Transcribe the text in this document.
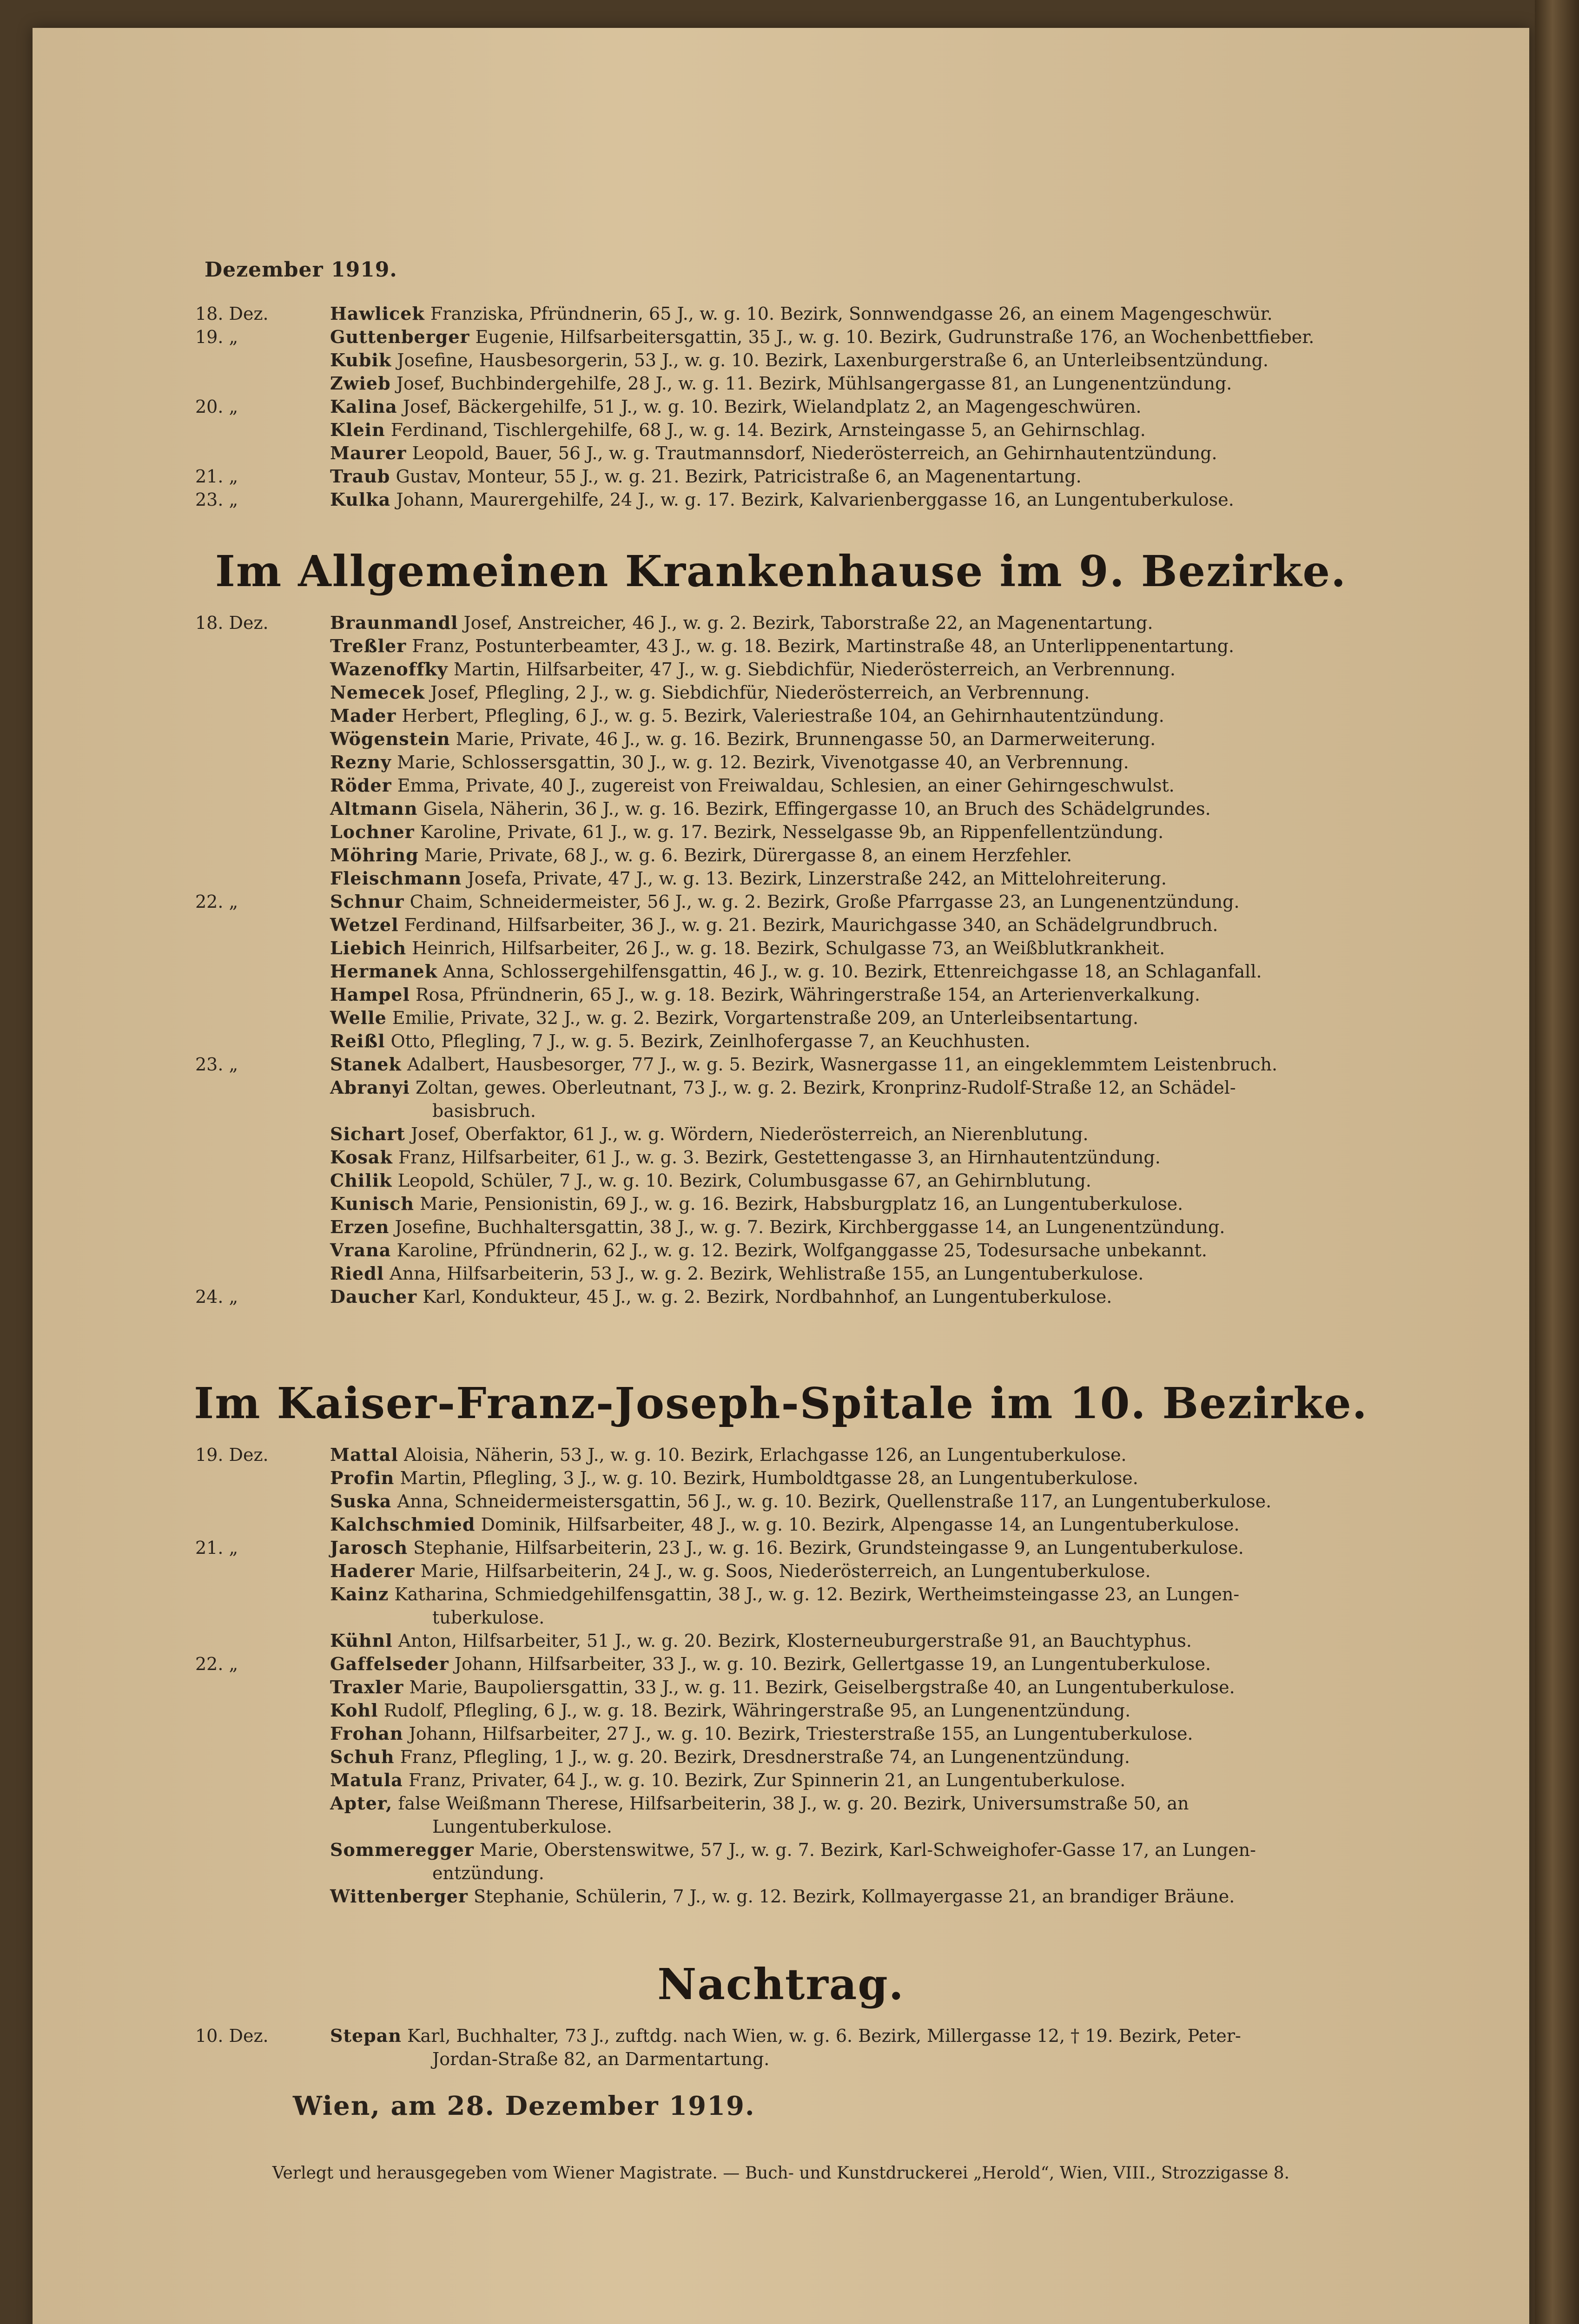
Dezember 1919.
18. Dez.	Hawlicek Franziska, Pfründnerin, 65 J., w. g. 10. Bezirk, Sonnwendgasse 26, an einem Magengeschwür.
19. „	Guttenberger Eugenie, Hilfsarbeitersgattin, 35 J., w. g. 10. Bezirk, Gudrunstraße 176, an Wochenbettfieber.
Kubik Josefine, Hausbesorgerin, 53 J., w. g. 10. Bezirk, Laxenburgerstraße 6, an Unterleibsentzündung.
Zwieb Josef, Buchbindergehilfe, 28 J., w. g. 11. Bezirk, Mühlsangergasse 81, an Lungenentzündung.
20. „	Kalina Josef, Bäckergehilfe, 51 J., w. g. 10. Bezirk, Wielandplatz 2, an Magengeschwüren.
Klein Ferdinand, Tischlergehilfe, 68 J., w. g. 14. Bezirk, Arnsteingasse 5, an Gehirnschlag.
Maurer Leopold, Bauer, 56 J., w. g. Trautmannsdorf, Niederösterreich, an Gehirnhautentzündung.
21. „	Traub Gustav, Monteur, 55 J., w. g. 21. Bezirk, Patricistraße 6, an Magenentartung.
23. „	Kulka Johann, Maurergehilfe, 24 J., w. g. 17. Bezirk, Kalvarienberggasse 16, an Lungentuberkulose.
Im Allgemeinen Krankenhause im 9. Bezirke.
18. Dez.	Braunmandl Josef, Anstreicher, 46 J., w. g. 2. Bezirk, Taborstraße 22, an Magenentartung.
Treßler Franz, Postunterbeamter, 43 J., w. g. 18. Bezirk, Martinstraße 48, an Unterlippenentartung.
Wazenoffky Martin, Hilfsarbeiter, 47 J., w. g. Siebdichfür, Niederösterreich, an Verbrennung.
Nemecek Josef, Pflegling, 2 J., w. g. Siebdichfür, Niederösterreich, an Verbrennung.
Mader Herbert, Pflegling, 6 J., w. g. 5. Bezirk, Valeriestraße 104, an Gehirnhautentzündung.
Wögenstein Marie, Private, 46 J., w. g. 16. Bezirk, Brunnengasse 50, an Darmerweiterung.
Rezny Marie, Schlossersgattin, 30 J., w. g. 12. Bezirk, Vivenotgasse 40, an Verbrennung.
Röder Emma, Private, 40 J., zugereist von Freiwaldau, Schlesien, an einer Gehirngeschwulst.
Altmann Gisela, Näherin, 36 J., w. g. 16. Bezirk, Effingergasse 10, an Bruch des Schädelgrundes.
Lochner Karoline, Private, 61 J., w. g. 17. Bezirk, Nesselgasse 9b, an Rippenfellentzündung.
Möhring Marie, Private, 68 J., w. g. 6. Bezirk, Dürergasse 8, an einem Herzfehler.
Fleischmann Josefa, Private, 47 J., w. g. 13. Bezirk, Linzerstraße 242, an Mittelohreiterung.
22. „	Schnur Chaim, Schneidermeister, 56 J., w. g. 2. Bezirk, Große Pfarrgasse 23, an Lungenentzündung.
Wetzel Ferdinand, Hilfsarbeiter, 36 J., w. g. 21. Bezirk, Maurichgasse 340, an Schädelgrundbruch.
Liebich Heinrich, Hilfsarbeiter, 26 J., w. g. 18. Bezirk, Schulgasse 73, an Weißblutkrankheit.
Hermanek Anna, Schlossergehilfensgattin, 46 J., w. g. 10. Bezirk, Ettenreichgasse 18, an Schlaganfall.
Hampel Rosa, Pfründnerin, 65 J., w. g. 18. Bezirk, Währingerstraße 154, an Arterienverkalkung.
Welle Emilie, Private, 32 J., w. g. 2. Bezirk, Vorgartenstraße 209, an Unterleibsentartung.
Reißl Otto, Pflegling, 7 J., w. g. 5. Bezirk, Zeinlhofergasse 7, an Keuchhusten.
23. „	Stanek Adalbert, Hausbesorger, 77 J., w. g. 5. Bezirk, Wasnergasse 11, an eingeklemmtem Leistenbruch.
Abranyi Zoltan, gewes. Oberleutnant, 73 J., w. g. 2. Bezirk, Kronprinz-Rudolf-Straße 12, an Schädel-
basisbruch.
Sichart Josef, Oberfaktor, 61 J., w. g. Wördern, Niederösterreich, an Nierenblutung.
Kosak Franz, Hilfsarbeiter, 61 J., w. g. 3. Bezirk, Gestettengasse 3, an Hirnhautentzündung.
Chilik Leopold, Schüler, 7 J., w. g. 10. Bezirk, Columbusgasse 67, an Gehirnblutung.
Kunisch Marie, Pensionistin, 69 J., w. g. 16. Bezirk, Habsburgplatz 16, an Lungentuberkulose.
Erzen Josefine, Buchhaltersgattin, 38 J., w. g. 7. Bezirk, Kirchberggasse 14, an Lungenentzündung.
Vrana Karoline, Pfründnerin, 62 J., w. g. 12. Bezirk, Wolfganggasse 25, Todesursache unbekannt.
Riedl Anna, Hilfsarbeiterin, 53 J., w. g. 2. Bezirk, Wehlistraße 155, an Lungentuberkulose.
24. „	Daucher Karl, Kondukteur, 45 J., w. g. 2. Bezirk, Nordbahnhof, an Lungentuberkulose.
Im Kaiser-Franz-Joseph-Spitale im 10. Bezirke.
19. Dez.	Mattal Aloisia, Näherin, 53 J., w. g. 10. Bezirk, Erlachgasse 126, an Lungentuberkulose.
Profin Martin, Pflegling, 3 J., w. g. 10. Bezirk, Humboldtgasse 28, an Lungentuberkulose.
Suska Anna, Schneidermeistersgattin, 56 J., w. g. 10. Bezirk, Quellenstraße 117, an Lungentuberkulose.
Kalchschmied Dominik, Hilfsarbeiter, 48 J., w. g. 10. Bezirk, Alpengasse 14, an Lungentuberkulose.
21. „	Jarosch Stephanie, Hilfsarbeiterin, 23 J., w. g. 16. Bezirk, Grundsteingasse 9, an Lungentuberkulose.
Haderer Marie, Hilfsarbeiterin, 24 J., w. g. Soos, Niederösterreich, an Lungentuberkulose.
Kainz Katharina, Schmiedgehilfensgattin, 38 J., w. g. 12. Bezirk, Wertheimsteingasse 23, an Lungen-
tuberkulose.
Kühnl Anton, Hilfsarbeiter, 51 J., w. g. 20. Bezirk, Klosterneuburgerstraße 91, an Bauchtyphus.
22. „	Gaffelseder Johann, Hilfsarbeiter, 33 J., w. g. 10. Bezirk, Gellertgasse 19, an Lungentuberkulose.
Traxler Marie, Baupoliersgattin, 33 J., w. g. 11. Bezirk, Geiselbergstraße 40, an Lungentuberkulose.
Kohl Rudolf, Pflegling, 6 J., w. g. 18. Bezirk, Währingerstraße 95, an Lungenentzündung.
Frohan Johann, Hilfsarbeiter, 27 J., w. g. 10. Bezirk, Triesterstraße 155, an Lungentuberkulose.
Schuh Franz, Pflegling, 1 J., w. g. 20. Bezirk, Dresdnerstraße 74, an Lungenentzündung.
Matula Franz, Privater, 64 J., w. g. 10. Bezirk, Zur Spinnerin 21, an Lungentuberkulose.
Apter, false Weißmann Therese, Hilfsarbeiterin, 38 J., w. g. 20. Bezirk, Universumstraße 50, an
Lungentuberkulose.
Sommeregger Marie, Oberstenswitwe, 57 J., w. g. 7. Bezirk, Karl-Schweighofer-Gasse 17, an Lungen-
entzündung.
Wittenberger Stephanie, Schülerin, 7 J., w. g. 12. Bezirk, Kollmayergasse 21, an brandiger Bräune.
Nachtrag.
10. Dez.	Stepan Karl, Buchhalter, 73 J., zuftdg. nach Wien, w. g. 6. Bezirk, Millergasse 12, † 19. Bezirk, Peter-
Jordan-Straße 82, an Darmentartung.
Wien, am 28. Dezember 1919.
Verlegt und herausgegeben vom Wiener Magistrate. — Buch- und Kunstdruckerei „Herold“, Wien, VIII., Strozzigasse 8.
